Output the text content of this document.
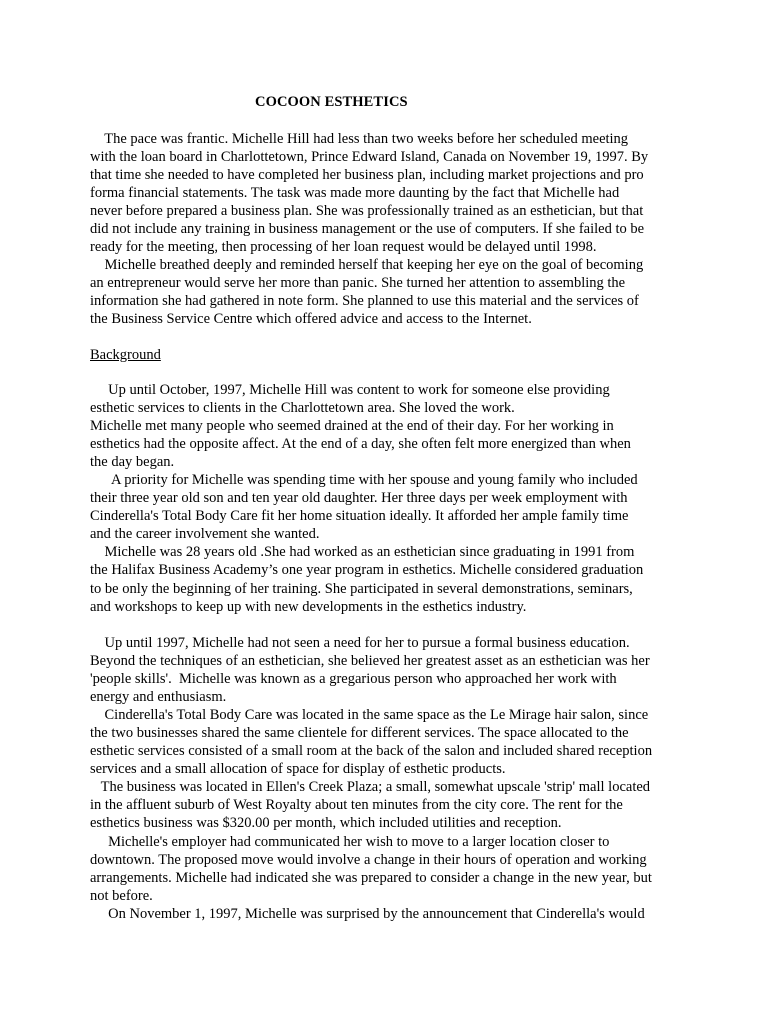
COCOON ESTHETICS
The pace was frantic. Michelle Hill had less than two weeks before her scheduled meeting
with the loan board in Charlottetown, Prince Edward Island, Canada on November 19, 1997. By
that time she needed to have completed her business plan, including market projections and pro
forma financial statements. The task was made more daunting by the fact that Michelle had
never before prepared a business plan. She was professionally trained as an esthetician, but that
did not include any training in business management or the use of computers. If she failed to be
ready for the meeting, then processing of her loan request would be delayed until 1998.
Michelle breathed deeply and reminded herself that keeping her eye on the goal of becoming
an entrepreneur would serve her more than panic. She turned her attention to assembling the
information she had gathered in note form. She planned to use this material and the services of
the Business Service Centre which offered advice and access to the Internet.
Background
Up until October, 1997, Michelle Hill was content to work for someone else providing
esthetic services to clients in the Charlottetown area. She loved the work.
Michelle met many people who seemed drained at the end of their day. For her working in
esthetics had the opposite affect. At the end of a day, she often felt more energized than when
the day began.
A priority for Michelle was spending time with her spouse and young family who included
their three year old son and ten year old daughter. Her three days per week employment with
Cinderella's Total Body Care fit her home situation ideally. It afforded her ample family time
and the career involvement she wanted.
Michelle was 28 years old .She had worked as an esthetician since graduating in 1991 from
the Halifax Business Academy’s one year program in esthetics. Michelle considered graduation
to be only the beginning of her training. She participated in several demonstrations, seminars,
and workshops to keep up with new developments in the esthetics industry.
Up until 1997, Michelle had not seen a need for her to pursue a formal business education.
Beyond the techniques of an esthetician, she believed her greatest asset as an esthetician was her
'people skills'.  Michelle was known as a gregarious person who approached her work with
energy and enthusiasm.
Cinderella's Total Body Care was located in the same space as the Le Mirage hair salon, since
the two businesses shared the same clientele for different services. The space allocated to the
esthetic services consisted of a small room at the back of the salon and included shared reception
services and a small allocation of space for display of esthetic products.
The business was located in Ellen's Creek Plaza; a small, somewhat upscale 'strip' mall located
in the affluent suburb of West Royalty about ten minutes from the city core. The rent for the
esthetics business was $320.00 per month, which included utilities and reception.
Michelle's employer had communicated her wish to move to a larger location closer to
downtown. The proposed move would involve a change in their hours of operation and working
arrangements. Michelle had indicated she was prepared to consider a change in the new year, but
not before.
On November 1, 1997, Michelle was surprised by the announcement that Cinderella's would
